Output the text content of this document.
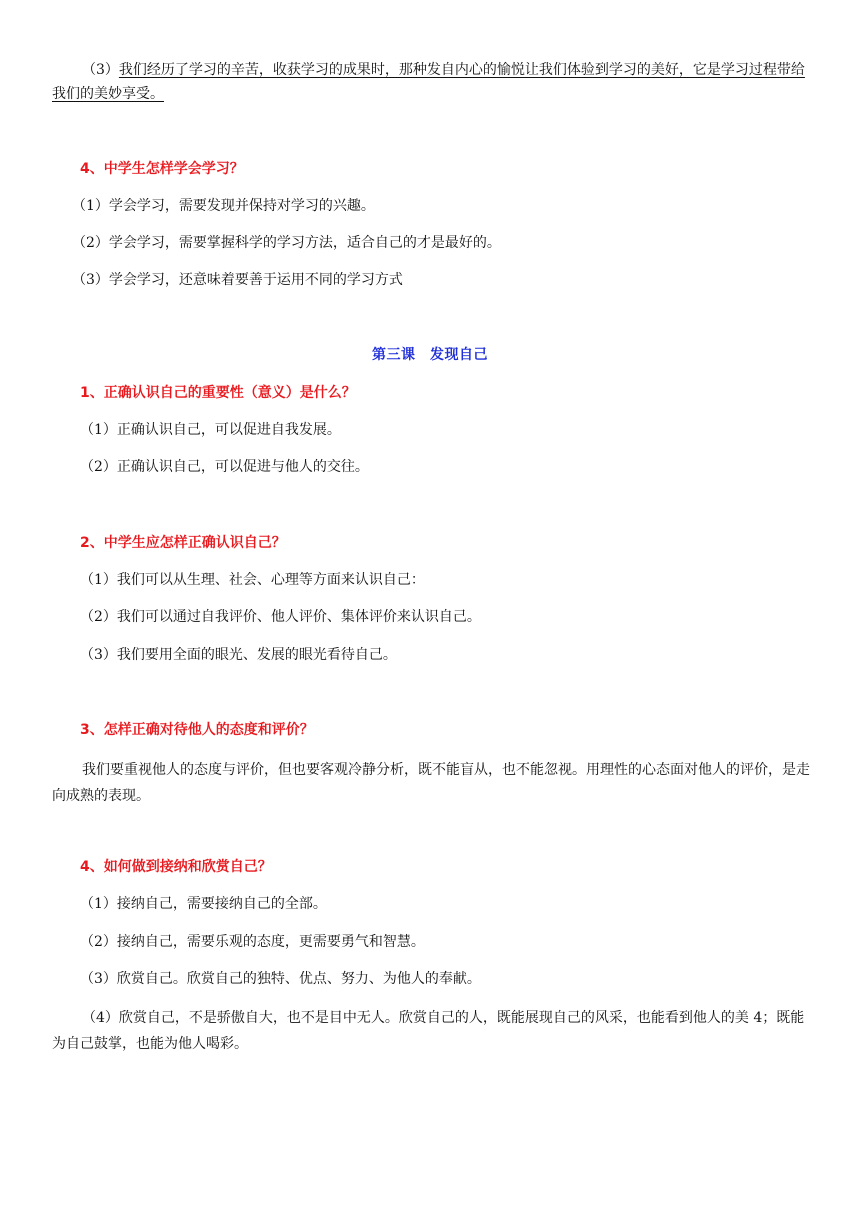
（3）我们经历了学习的辛苦，收获学习的成果时，那种发自内心的愉悦让我们体验到学习的美好，它是学习过程带给我们的美妙享受。

4、中学生怎样学会学习？

（1）学会学习，需要发现并保持对学习的兴趣。

（2）学会学习，需要掌握科学的学习方法，适合自己的才是最好的。

（3）学会学习，还意味着要善于运用不同的学习方式

第三课　发现自己

1、正确认识自己的重要性（意义）是什么？

（1）正确认识自己，可以促进自我发展。

（2）正确认识自己，可以促进与他人的交往。

2、中学生应怎样正确认识自己？

（1）我们可以从生理、社会、心理等方面来认识自己：

（2）我们可以通过自我评价、他人评价、集体评价来认识自己。

（3）我们要用全面的眼光、发展的眼光看待自己。

3、怎样正确对待他人的态度和评价？

我们要重视他人的态度与评价，但也要客观冷静分析，既不能盲从，也不能忽视。用理性的心态面对他人的评价，是走向成熟的表现。

4、如何做到接纳和欣赏自己？

（1）接纳自己，需要接纳自己的全部。

（2）接纳自己，需要乐观的态度，更需要勇气和智慧。

（3）欣赏自己。欣赏自己的独特、优点、努力、为他人的奉献。

（4）欣赏自己，不是骄傲自大，也不是目中无人。欣赏自己的人，既能展现自己的风采，也能看到他人的美 4；既能为自己鼓掌，也能为他人喝彩。
